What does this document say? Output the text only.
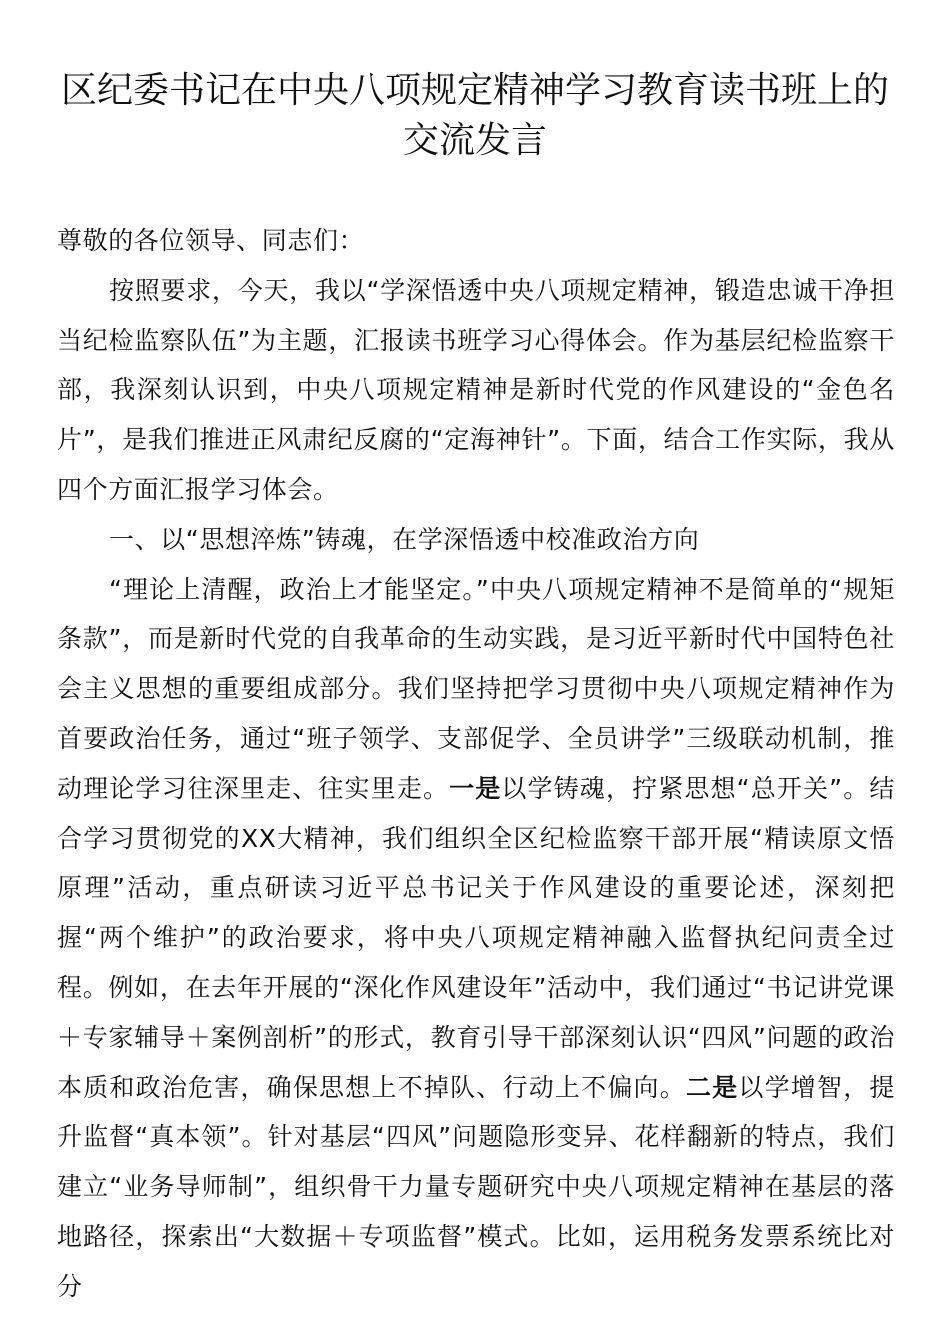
区纪委书记在中央八项规定精神学习教育读书班上的
交流发言

尊敬的各位领导、同志们：

按照要求，今天，我以“学深悟透中央八项规定精神，锻造忠诚干净担当纪检监察队伍”为主题，汇报读书班学习心得体会。作为基层纪检监察干部，我深刻认识到，中央八项规定精神是新时代党的作风建设的“金色名片”，是我们推进正风肃纪反腐的“定海神针”。下面，结合工作实际，我从四个方面汇报学习体会。

一、以“思想淬炼”铸魂，在学深悟透中校准政治方向

“理论上清醒，政治上才能坚定。”中央八项规定精神不是简单的“规矩条款”，而是新时代党的自我革命的生动实践，是习近平新时代中国特色社会主义思想的重要组成部分。我们坚持把学习贯彻中央八项规定精神作为首要政治任务，通过“班子领学、支部促学、全员讲学”三级联动机制，推动理论学习往深里走、往实里走。一是以学铸魂，拧紧思想“总开关”。结合学习贯彻党的XX大精神，我们组织全区纪检监察干部开展“精读原文悟原理”活动，重点研读习近平总书记关于作风建设的重要论述，深刻把握“两个维护”的政治要求，将中央八项规定精神融入监督执纪问责全过程。例如，在去年开展的“深化作风建设年”活动中，我们通过“书记讲党课＋专家辅导＋案例剖析”的形式，教育引导干部深刻认识“四风”问题的政治本质和政治危害，确保思想上不掉队、行动上不偏向。二是以学增智，提升监督“真本领”。针对基层“四风”问题隐形变异、花样翻新的特点，我们建立“业务导师制”，组织骨干力量专题研究中央八项规定精神在基层的落地路径，探索出“大数据＋专项监督”模式。比如，运用税务发票系统比对分
